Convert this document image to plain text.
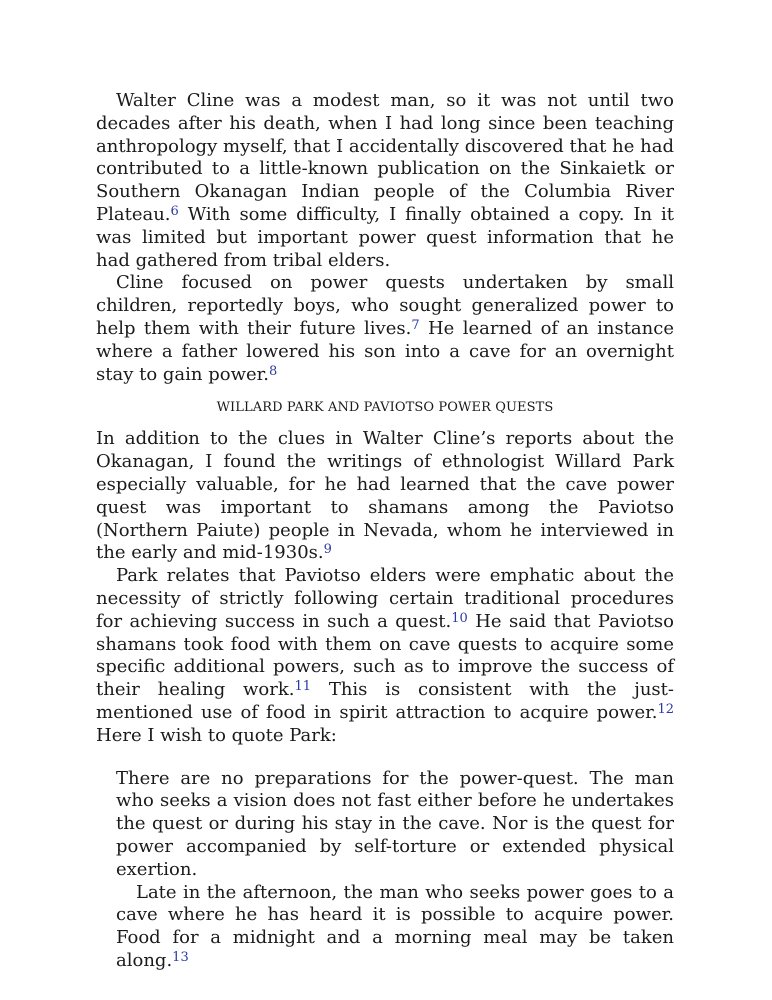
Walter Cline was a modest man, so it was not until two decades after his death, when I had long since been teaching anthropology myself, that I accidentally discovered that he had contributed to a little-known publication on the Sinkaietk or Southern Okanagan Indian people of the Columbia River Plateau.$^6$ With some difficulty, I finally obtained a copy. In it was limited but important power quest information that he had gathered from tribal elders.

Cline focused on power quests undertaken by small children, reportedly boys, who sought generalized power to help them with their future lives.$^7$ He learned of an instance where a father lowered his son into a cave for an overnight stay to gain power.$^8$

WILLARD PARK AND PAVIOTSO POWER QUESTS

In addition to the clues in Walter Cline’s reports about the Okanagan, I found the writings of ethnologist Willard Park especially valuable, for he had learned that the cave power quest was important to shamans among the Paviotso (Northern Paiute) people in Nevada, whom he interviewed in the early and mid-1930s.$^9$

Park relates that Paviotso elders were emphatic about the necessity of strictly following certain traditional procedures for achieving success in such a quest.$^{10}$ He said that Paviotso shamans took food with them on cave quests to acquire some specific additional powers, such as to improve the success of their healing work.$^{11}$ This is consistent with the just-mentioned use of food in spirit attraction to acquire power.$^{12}$ Here I wish to quote Park:

There are no preparations for the power-quest. The man who seeks a vision does not fast either before he undertakes the quest or during his stay in the cave. Nor is the quest for power accompanied by self-torture or extended physical exertion.

Late in the afternoon, the man who seeks power goes to a cave where he has heard it is possible to acquire power. Food for a midnight and a morning meal may be taken along.$^{13}$
